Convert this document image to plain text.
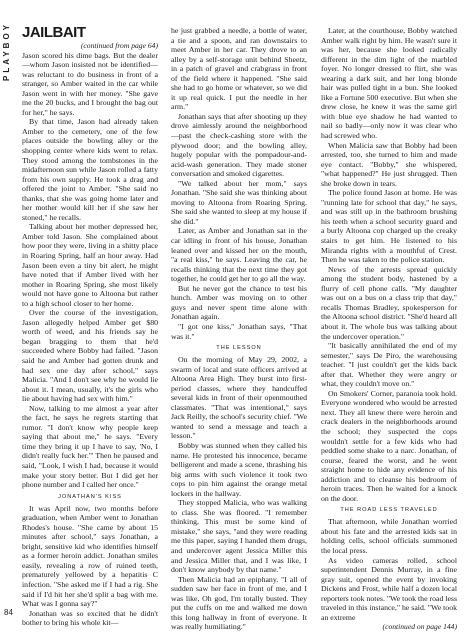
PLAYBOY
84
JAILBAIT
(continued from page 64)

Jason scored his dime bags. But the dealer—whom Jason insisted not be identified—was reluctant to do business in front of a stranger, so Amber waited in the car while Jason went in with her money. "She gave me the 20 bucks, and I brought the bag out for her," he says.

By that time, Jason had already taken Amber to the cemetery, one of the few places outside the bowling alley or the shopping center where kids went to relax. They stood among the tombstones in the midafternoon sun while Jason rolled a fatty from his own supply. He took a drag and offered the joint to Amber. "She said no thanks, that she was going home later and her mother would kill her if she saw her stoned," he recalls.

Talking about her mother depressed her, Amber told Jason. She complained about how poor they were, living in a shitty place in Roaring Spring, half an hour away. Had Jason been even a tiny bit alert, he might have noted that if Amber lived with her mother in Roaring Spring, she most likely would not have gone to Altoona but rather to a high school closer to her home.

Over the course of the investigation, Jason allegedly helped Amber get $80 worth of weed, and his friends say he began bragging to them that he'd succeeded where Bobby had failed. "Jason said he and Amber had gotten drunk and had sex one day after school," says Malicia. "And I don't see why he would lie about it. I mean, usually, it's the girls who lie about having had sex with him."

Now, talking to me almost a year after the fact, he says he regrets starting that rumor. "I don't know why people keep saying that about me," he says. "Every time they bring it up I have to say, 'No, I didn't really fuck her.'" Then he paused and said, "Look, I wish I had, because it would make your story better. But I did get her phone number and I called her once."

JONATHAN'S KISS

It was April now, two months before graduation, when Amber went to Jonathan Rhodes's house. "She came by about 15 minutes after school," says Jonathan, a bright, sensitive kid who identifies himself as a former heroin addict. Jonathan smiles easily, revealing a row of ruined teeth, prematurely yellowed by a hepatitis C infection. "She asked me if I had a rig. She said if I'd hit her she'd split a bag with me. What was I gonna say?"

Jonathan was so excited that he didn't bother to bring his whole kit—

he just grabbed a needle, a bottle of water, a tie and a spoon, and ran downstairs to meet Amber in her car. They drove to an alley by a self-storage unit behind Sheetz, in a patch of gravel and crabgrass in front of the field where it happened. "She said she had to go home or whatever, so we did it up real quick. I put the needle in her arm."

Jonathan says that after shooting up they drove aimlessly around the neighborhood—past the check-cashing store with the plywood door; and the bowling alley, hugely popular with the pompadour-and-acid-wash generation. They made stoner conversation and smoked cigarettes.

"We talked about her mom," says Jonathan. "She said she was thinking about moving to Altoona from Roaring Spring. She said she wanted to sleep at my house if she did."

Later, as Amber and Jonathan sat in the car idling in front of his house, Jonathan leaned over and kissed her on the mouth, "a real kiss," he says. Leaving the car, he recalls thinking that the next time they got together, he could get her to go all the way.

But he never got the chance to test his hunch. Amber was moving on to other guys and never spent time alone with Jonathan again.

"I got one kiss," Jonathan says, "That was it."

THE LESSON

On the morning of May 29, 2002, a swarm of local and state officers arrived at Altoona Area High. They burst into first-period classes, where they handcuffed several kids in front of their openmouthed classmates. "That was intentional," says Jack Reilly, the school's security chief. "We wanted to send a message and teach a lesson."

Bobby was stunned when they called his name. He protested his innocence, became belligerent and made a scene, thrashing his big arms with such violence it took two cops to pin him against the orange metal lockers in the hallway.

They stopped Malicia, who was walking to class. She was floored. "I remember thinking, This must be some kind of mistake," she says, "and they were reading me this paper, saying I handed them drugs, and undercover agent Jessica Miller this and Jessica Miller that, and I was like, I don't know anybody by that name."

Then Malicia had an epiphany. "I all of sudden saw her face in front of me, and I was like, Oh god, I'm totally busted. They put the cuffs on me and walked me down this long hallway in front of everyone. It was really humiliating."

Later, at the courthouse, Bobby watched Amber walk right by him. He wasn't sure it was her, because she looked radically different in the dim light of the marbled foyer. No longer dressed to flirt, she was wearing a dark suit, and her long blonde hair was pulled tight in a bun. She looked like a Fortune 500 executive. But when she drew close, he knew it was the same girl with blue eye shadow he had wanted to nail so badly—only now it was clear who had screwed who.

When Malicia saw that Bobby had been arrested, too, she turned to him and made eye contact. "Bobby," she whispered, "what happened?" He just shrugged. Then she broke down in tears.

The police found Jason at home. He was "running late for school that day," he says, and was still up in the bathroom brushing his teeth when a school security guard and a burly Altoona cop charged up the creaky stairs to get him. He listened to his Miranda rights with a mouthful of Crest. Then he was taken to the police station.

News of the arrests spread quickly among the student body, hastened by a flurry of cell phone calls. "My daughter was out on a bus on a class trip that day," recalls Thomas Bradley, spokesperson for the Altoona school district. "She'd heard all about it. The whole bus was talking about the undercover operation."

"It basically annihilated the end of my semester," says De Piro, the warehousing teacher. "I just couldn't get the kids back after that. Whether they were angry or what, they couldn't move on."

On Smokers' Corner, paranoia took hold. Everyone wondered who would be arrested next. They all knew there were heroin and crack dealers in the neighborhoods around the school; they suspected the cops wouldn't settle for a few kids who had peddled some shake to a narc. Jonathan, of course, feared the worst, and he went straight home to hide any evidence of his addiction and to cleanse his bedroom of heroin traces. Then he waited for a knock on the door.

THE ROAD LESS TRAVELED

That afternoon, while Jonathan worried about his fate and the arrested kids sat in holding cells, school officials summoned the local press.

As video cameras rolled, school superintendent Dennis Murray, in a fine gray suit, opened the event by invoking Dickens and Frost, while half a dozen local reporters took notes. "We took the road less traveled in this instance," he said. "We took an extreme

(continued on page 144)
